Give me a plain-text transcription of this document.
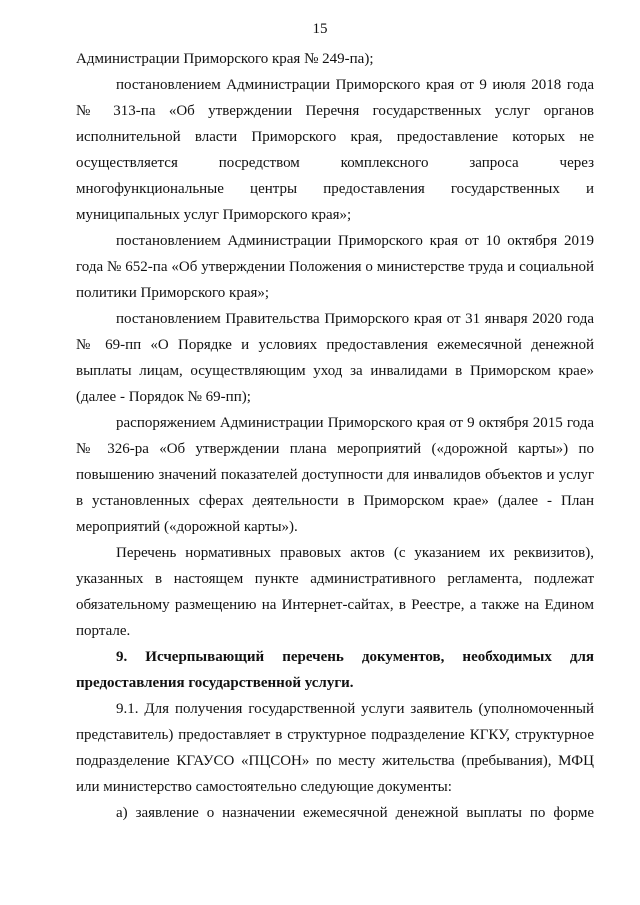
15

Администрации Приморского края № 249-па);

постановлением Администрации Приморского края от 9 июля 2018 года № 313-па «Об утверждении Перечня государственных услуг органов исполнительной власти Приморского края, предоставление которых не осуществляется посредством комплексного запроса через многофункциональные центры предоставления государственных и муниципальных услуг Приморского края»;

постановлением Администрации Приморского края от 10 октября 2019 года № 652-па «Об утверждении Положения о министерстве труда и социальной политики Приморского края»;

постановлением Правительства Приморского края от 31 января 2020 года № 69-пп «О Порядке и условиях предоставления ежемесячной денежной выплаты лицам, осуществляющим уход за инвалидами в Приморском крае» (далее - Порядок № 69-пп);

распоряжением Администрации Приморского края от 9 октября 2015 года № 326-ра «Об утверждении плана мероприятий («дорожной карты») по повышению значений показателей доступности для инвалидов объектов и услуг в установленных сферах деятельности в Приморском крае» (далее - План мероприятий («дорожной карты»).

Перечень нормативных правовых актов (с указанием их реквизитов), указанных в настоящем пункте административного регламента, подлежат обязательному размещению на Интернет-сайтах, в Реестре, а также на Едином портале.

9. Исчерпывающий перечень документов, необходимых для предоставления государственной услуги.

9.1. Для получения государственной услуги заявитель (уполномоченный представитель) предоставляет в структурное подразделение КГКУ, структурное подразделение КГАУСО «ПЦСОН» по месту жительства (пребывания), МФЦ или министерство самостоятельно следующие документы:

а) заявление о назначении ежемесячной денежной выплаты по форме
